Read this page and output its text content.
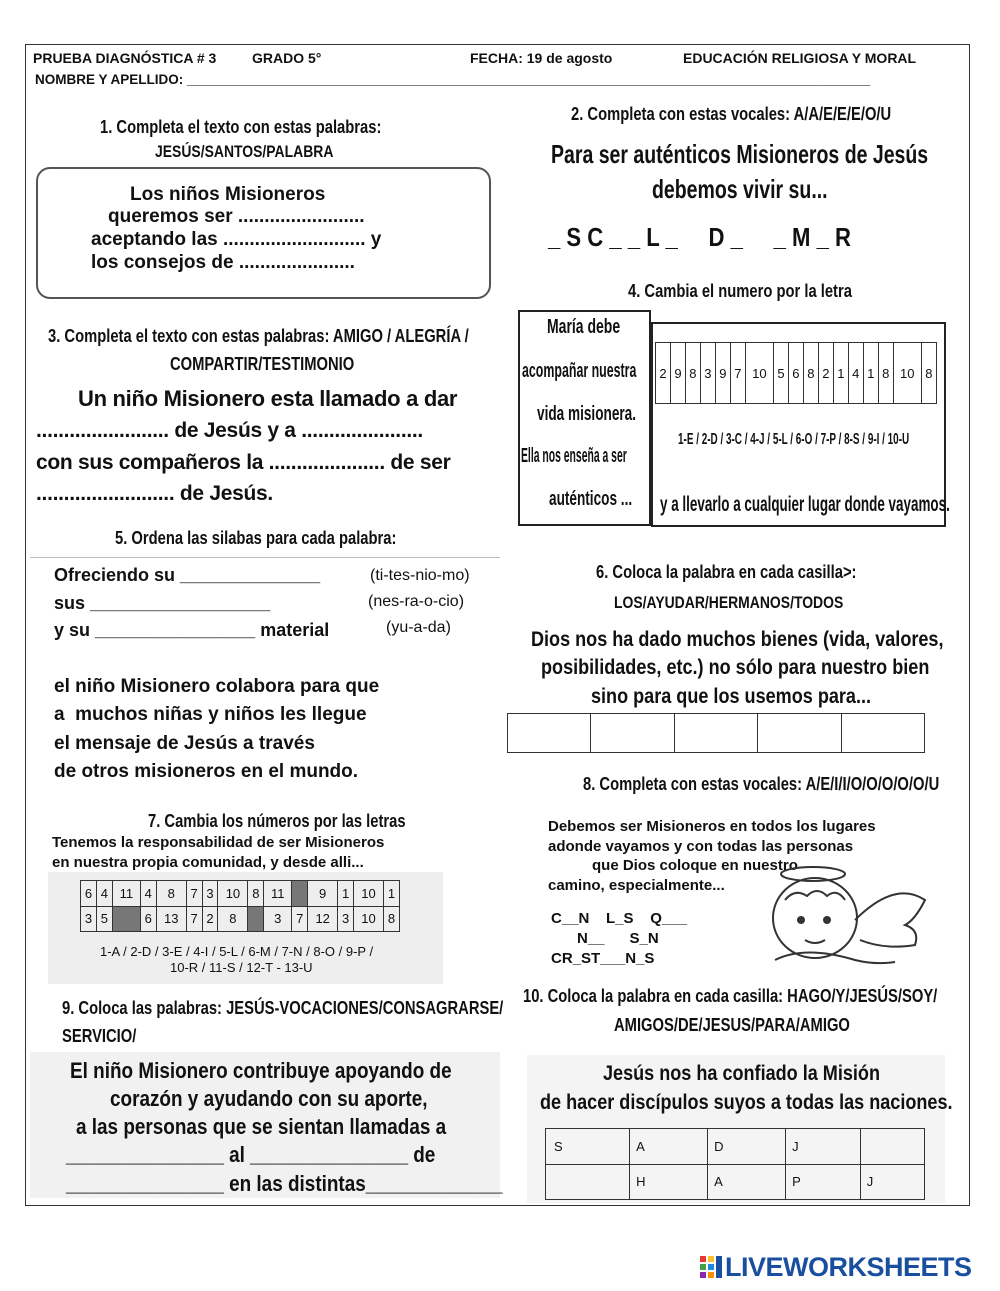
PRUEBA DIAGNÓSTICA # 3	GRADO 5°	FECHA: 19 de agosto	EDUCACIÓN RELIGIOSA Y MORAL
NOMBRE Y APELLIDO: ___________________________________________________________________________________________
1. Completa el texto con estas palabras:
JESÚS/SANTOS/PALABRA
Los niños Misioneros
queremos ser ........................
aceptando las ........................... y
los consejos de ......................
2. Completa con estas vocales: A/A/E/E/E/O/U
Para ser auténticos Misioneros de Jesús
debemos vivir su...
_ S C _ _ L _     D _     _ M _ R
3. Completa el texto con estas palabras: AMIGO / ALEGRÍA /
COMPARTIR/TESTIMONIO
Un niño Misionero esta llamado a dar
........................ de Jesús y a ......................
con sus compañeros la ..................... de ser
......................... de Jesús.
4. Cambia el numero por la letra
María debe
acompañar nuestra
vida misionera.
Ella nos enseña a ser
auténticos ...
2	9	8	3	9	7	10	5	6	8	2	1	4	1	8	10	8
1-E / 2-D / 3-C / 4-J / 5-L / 6-O / 7-P / 8-S / 9-I / 10-U
y a llevarlo a cualquier lugar donde vayamos.
5. Ordena las silabas para cada palabra:
Ofreciendo su ______________	(ti-tes-nio-mo)
sus __________________	(nes-ra-o-cio)
y su ________________ material	(yu-a-da)
el niño Misionero colabora para que
a  muchos niñas y niños les llegue
el mensaje de Jesús a través
de otros misioneros en el mundo.
6. Coloca la palabra en cada casilla>:
LOS/AYUDAR/HERMANOS/TODOS
Dios nos ha dado muchos bienes (vida, valores,
posibilidades, etc.) no sólo para nuestro bien
sino para que los usemos para...

7. Cambia los números por las letras
Tenemos la responsabilidad de ser Misioneros
en nuestra propia comunidad, y desde alli...
6	4	11	4	8	7	3	10	8	11		9	1	10	1
3	5		6	13	7	2	8		3	7	12	3	10	8
1-A / 2-D / 3-E / 4-I / 5-L / 6-M / 7-N / 8-O / 9-P /
10-R / 11-S / 12-T - 13-U
8. Completa con estas vocales: A/E/I/I/O/O/O/O/O/U
Debemos ser Misioneros en todos los lugares
adonde vayamos y con todas las personas
que Dios coloque en nuestro
camino, especialmente...
C__N    L_S    Q___
N__      S_N
CR_ST___N_S
9. Coloca las palabras: JESÚS-VOCACIONES/CONSAGRARSE/
SERVICIO/
El niño Misionero contribuye apoyando de
corazón y ayudando con su aporte,
a las personas que se sientan llamadas a
_______________ al _______________ de
_______________ en las distintas_____________
10. Coloca la palabra en cada casilla: HAGO/Y/JESÚS/SOY/
AMIGOS/DE/JESUS/PARA/AMIGO
Jesús nos ha confiado la Misión
de hacer discípulos suyos a todas las naciones.
S	A	D	J	
	H	A	P	J
LIVEWORKSHEETS
